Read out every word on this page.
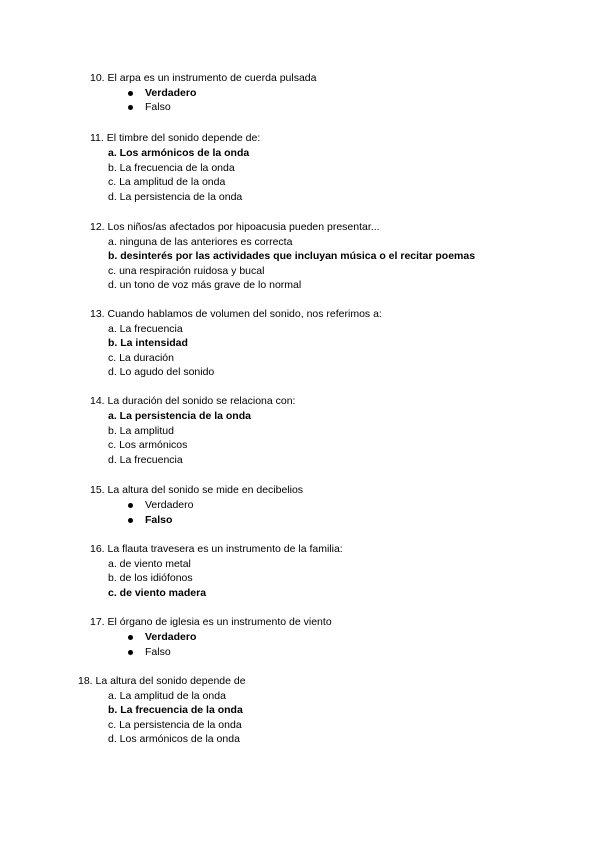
10. El arpa es un instrumento de cuerda pulsada
Verdadero
Falso
11. El timbre del sonido depende de:
a. Los armónicos de la onda
b. La frecuencia de la onda
c. La amplitud de la onda
d. La persistencia de la onda
12. Los niños/as afectados por hipoacusia pueden presentar...
a. ninguna de las anteriores es correcta
b. desinterés por las actividades que incluyan música o el recitar poemas
c. una respiración ruidosa y bucal
d. un tono de voz más grave de lo normal
13. Cuando hablamos de volumen del sonido, nos referimos a:
a. La frecuencia
b. La intensidad
c. La duración
d. Lo agudo del sonido
14. La duración del sonido se relaciona con:
a. La persistencia de la onda
b. La amplitud
c. Los armónicos
d. La frecuencia
15. La altura del sonido se mide en decibelios
Verdadero
Falso
16. La flauta travesera es un instrumento de la familia:
a. de viento metal
b. de los idiófonos
c. de viento madera
17. El órgano de iglesia es un instrumento de viento
Verdadero
Falso
18. La altura del sonido depende de
a. La amplitud de la onda
b. La frecuencia de la onda
c. La persistencia de la onda
d. Los armónicos de la onda
